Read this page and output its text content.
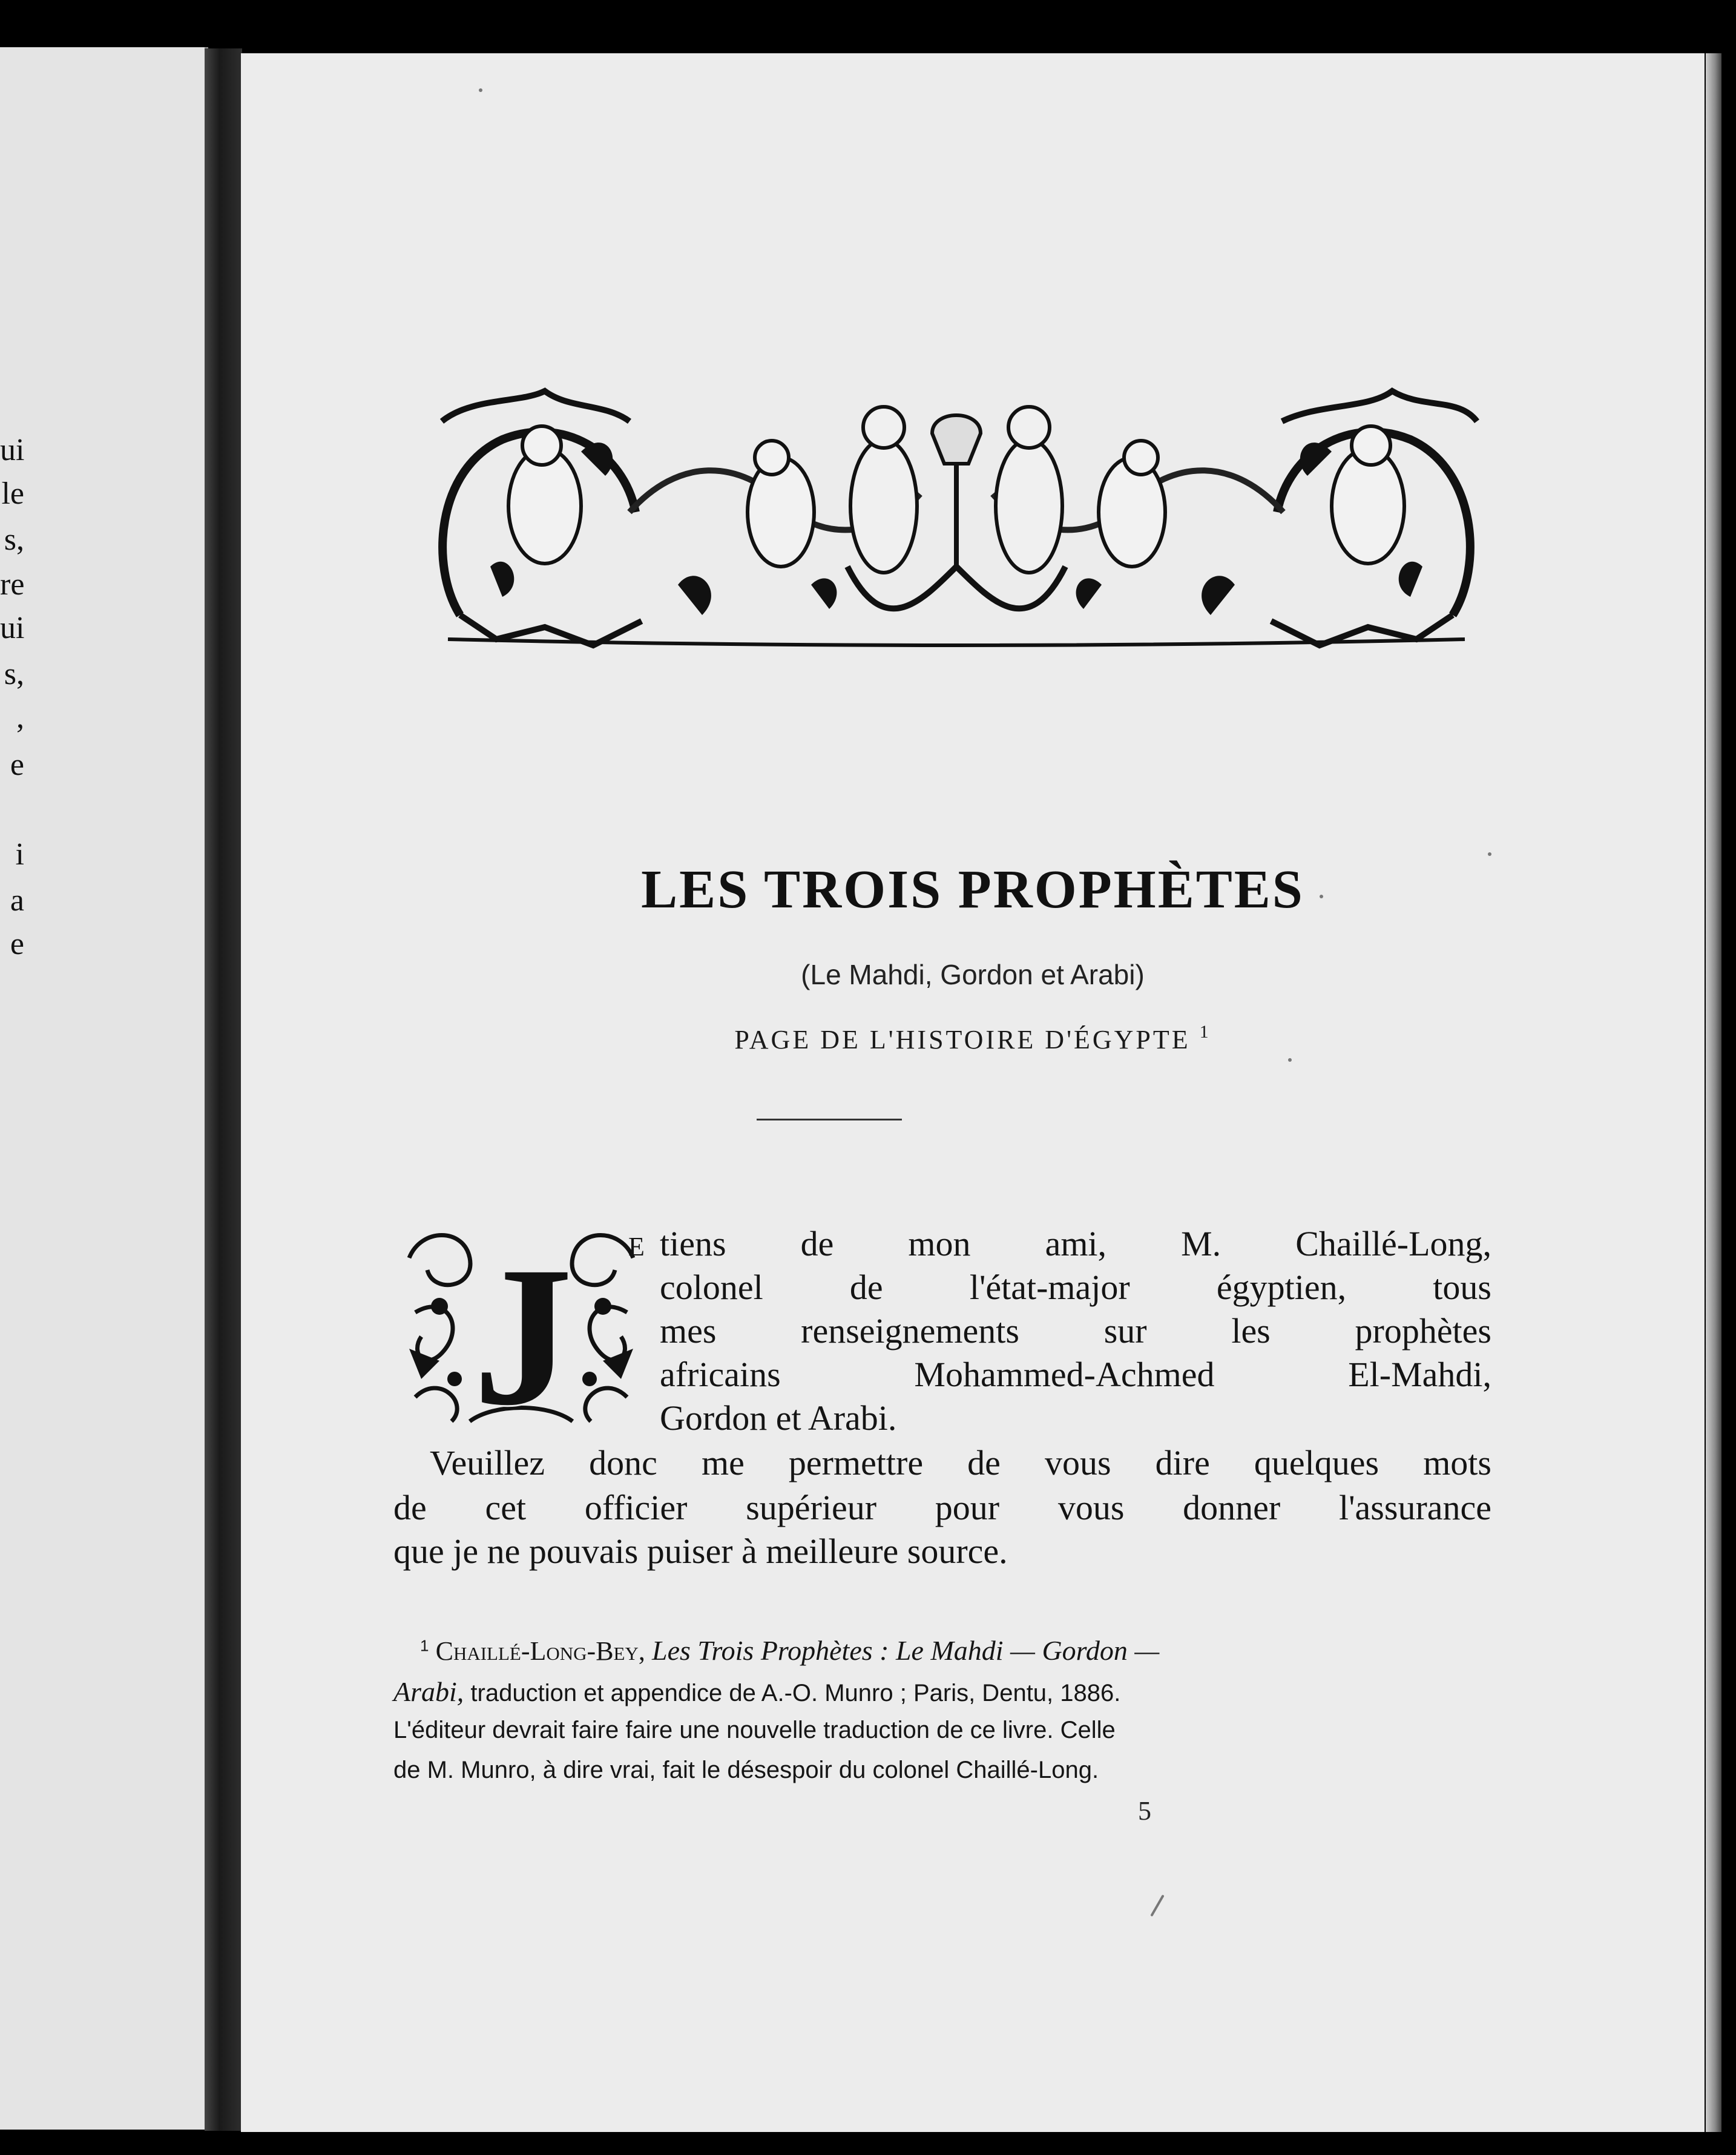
ui
le
s,
re
ui
s,
,
e
i
a
e
LES TROIS PROPHÈTES
(Le Mahdi, Gordon et Arabi)
PAGE DE L'HISTOIRE D'ÉGYPTE $^1$
J E tiens de mon ami, M. Chaillé-Long,
colonel de l'état-major égyptien, tous
mes renseignements sur les prophètes
africains Mohammed-Achmed El-Mahdi,
Gordon et Arabi.
Veuillez donc me permettre de vous dire quelques mots
de cet officier supérieur pour vous donner l'assurance
que je ne pouvais puiser à meilleure source.
$^1$ Chaillé-Long-Bey, Les Trois Prophètes : Le Mahdi — Gordon —
Arabi, traduction et appendice de A.-O. Munro ; Paris, Dentu, 1886.
L'éditeur devrait faire faire une nouvelle traduction de ce livre. Celle
de M. Munro, à dire vrai, fait le désespoir du colonel Chaillé-Long.
5
